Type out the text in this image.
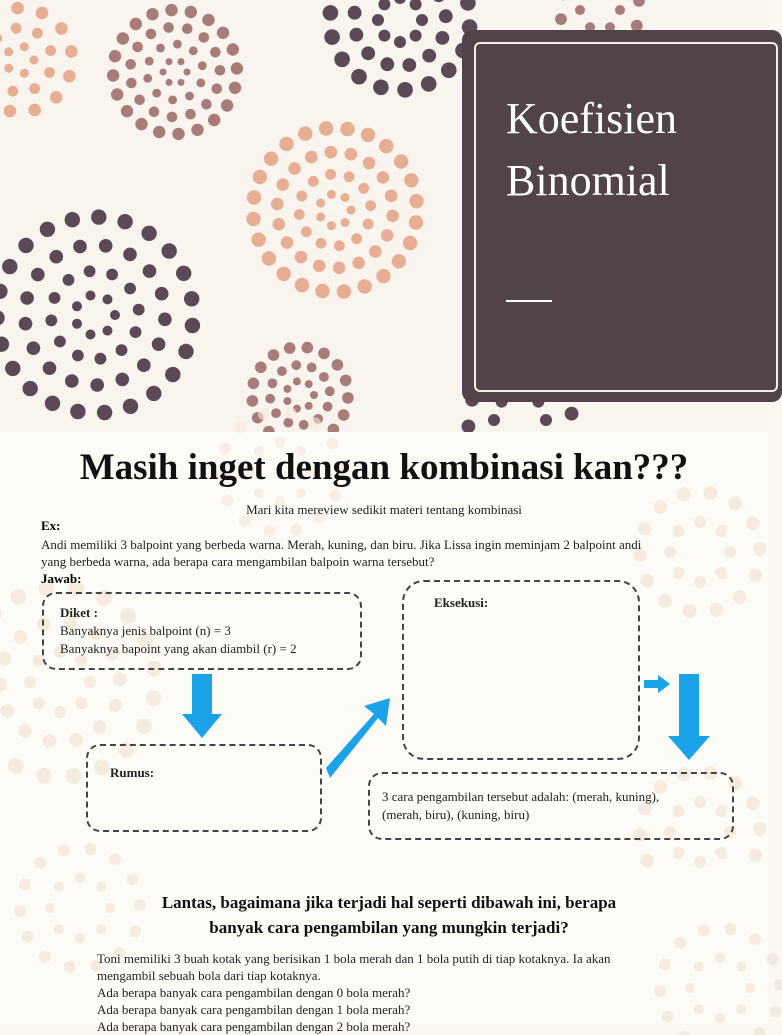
Koefisien
Binomial
Masih inget dengan kombinasi kan???
Mari kita mereview sedikit materi tentang kombinasi
Ex:
Andi memiliki 3 balpoint yang berbeda warna. Merah, kuning, dan biru. Jika Lissa ingin meminjam 2 balpoint andi
yang berbeda warna, ada berapa cara mengambilan balpoin warna tersebut?
Jawab:
Diket :
Banyaknya jenis balpoint (n) = 3
Banyaknya bapoint yang akan diambil (r) = 2
Rumus:
Eksekusi:
3 cara pengambilan tersebut adalah: (merah, kuning),
(merah, biru), (kuning, biru)
Lantas, bagaimana jika terjadi hal seperti dibawah ini, berapa
banyak cara pengambilan yang mungkin terjadi?
Toni memiliki 3 buah kotak yang berisikan 1 bola merah dan 1 bola putih di tiap kotaknya. Ia akan
mengambil sebuah bola dari tiap kotaknya.
Ada berapa banyak cara pengambilan dengan 0 bola merah?
Ada berapa banyak cara pengambilan dengan 1 bola merah?
Ada berapa banyak cara pengambilan dengan 2 bola merah?
